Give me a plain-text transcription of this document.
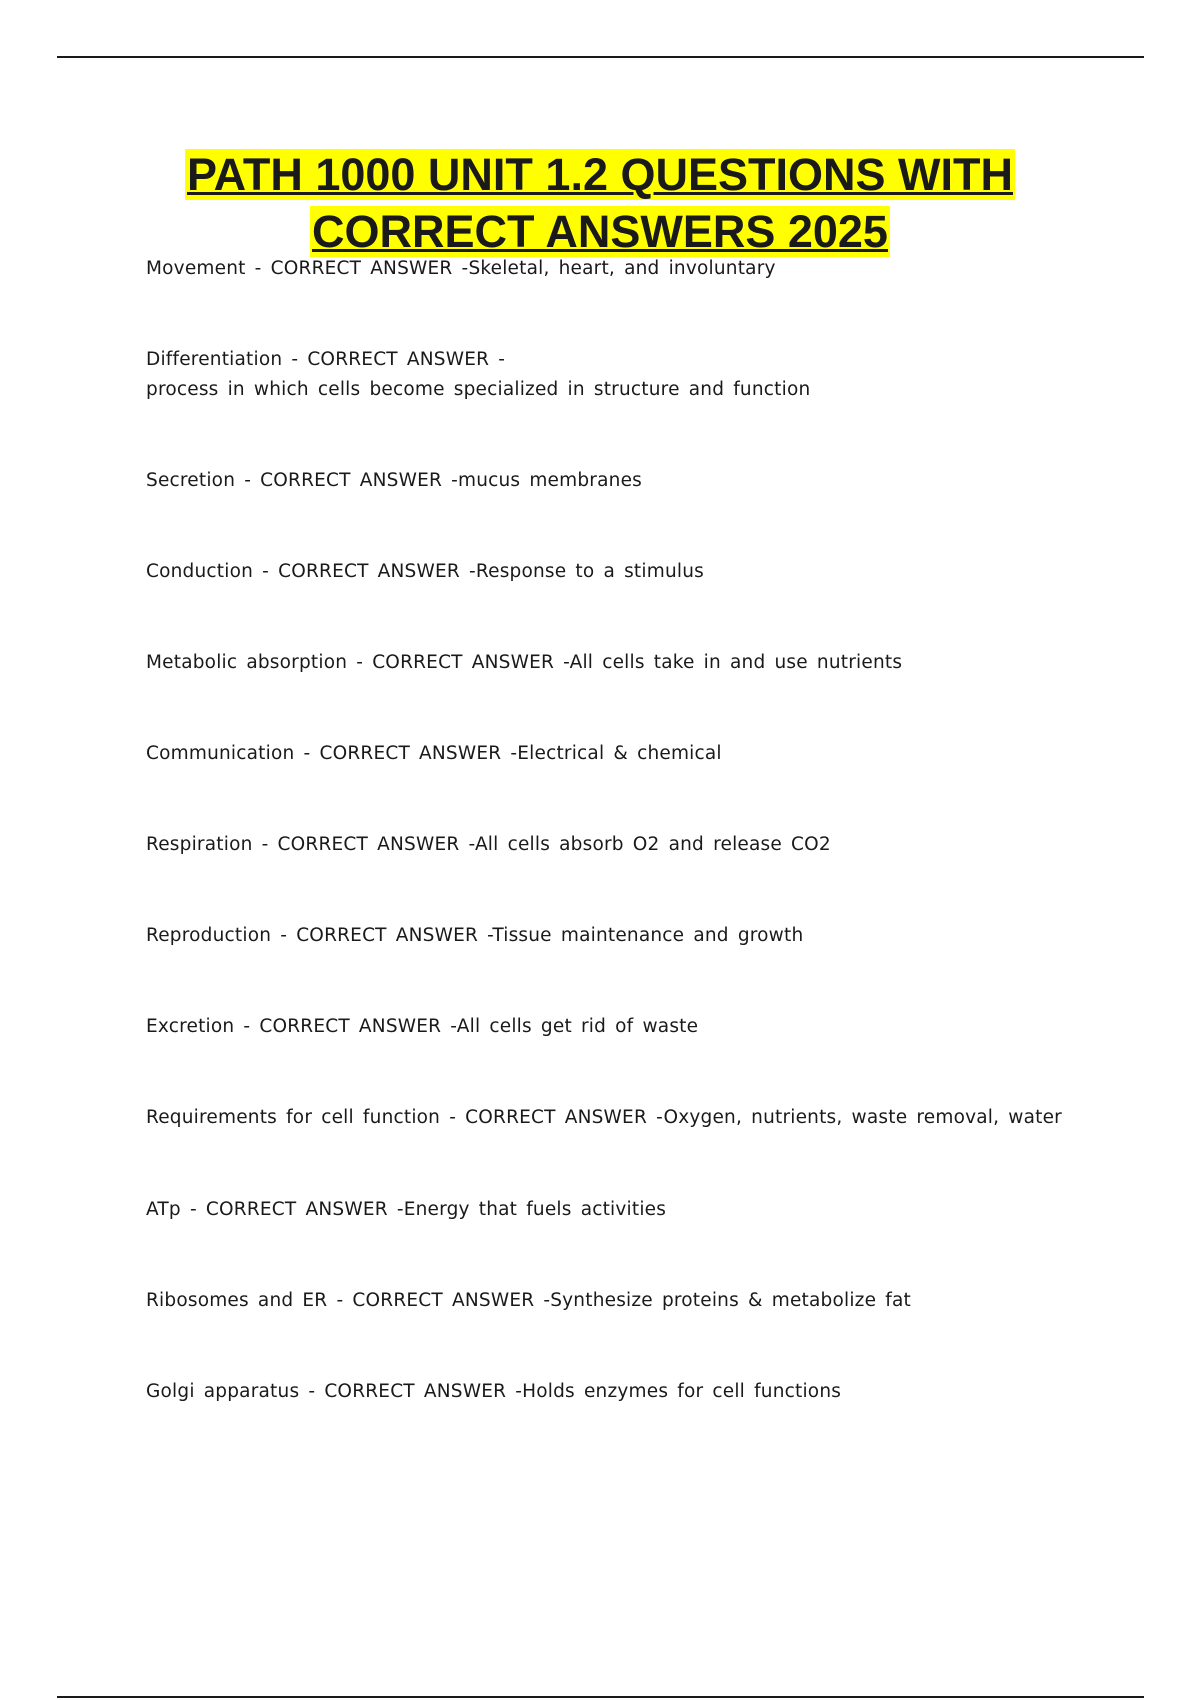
PATH 1000 UNIT 1.2 QUESTIONS WITH
CORRECT ANSWERS 2025

Movement - CORRECT ANSWER -Skeletal, heart, and involuntary

Differentiation - CORRECT ANSWER -
process in which cells become specialized in structure and function

Secretion - CORRECT ANSWER -mucus membranes

Conduction - CORRECT ANSWER -Response to a stimulus

Metabolic absorption - CORRECT ANSWER -All cells take in and use nutrients

Communication - CORRECT ANSWER -Electrical & chemical

Respiration - CORRECT ANSWER -All cells absorb O2 and release CO2

Reproduction - CORRECT ANSWER -Tissue maintenance and growth

Excretion - CORRECT ANSWER -All cells get rid of waste

Requirements for cell function - CORRECT ANSWER -Oxygen, nutrients, waste removal, water

ATp - CORRECT ANSWER -Energy that fuels activities

Ribosomes and ER - CORRECT ANSWER -Synthesize proteins & metabolize fat

Golgi apparatus - CORRECT ANSWER -Holds enzymes for cell functions
